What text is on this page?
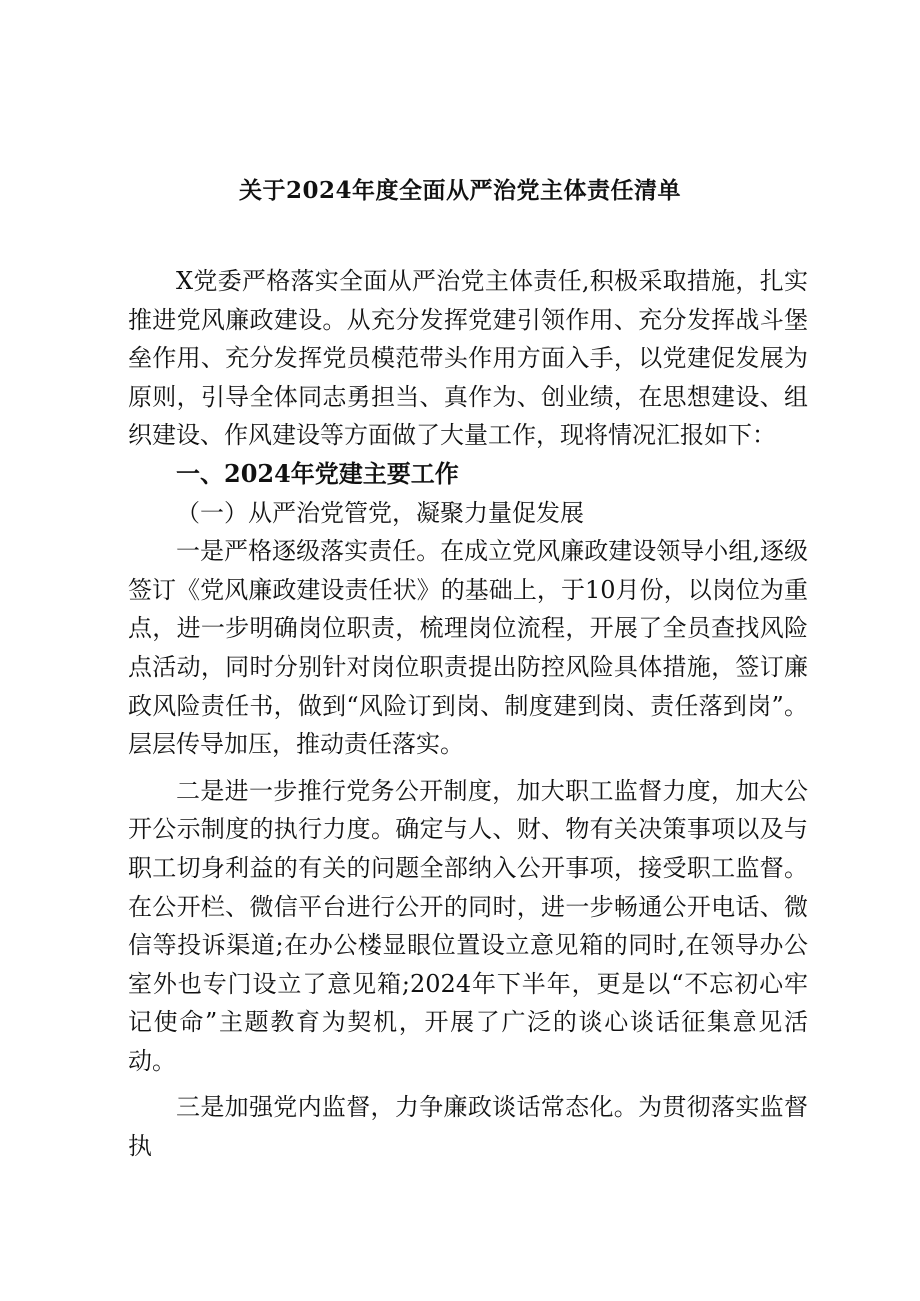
关于2024年度全面从严治党主体责任清单

X党委严格落实全面从严治党主体责任,积极采取措施，扎实推进党风廉政建设。从充分发挥党建引领作用、充分发挥战斗堡垒作用、充分发挥党员模范带头作用方面入手，以党建促发展为原则，引导全体同志勇担当、真作为、创业绩，在思想建设、组织建设、作风建设等方面做了大量工作，现将情况汇报如下：

一、2024年党建主要工作

（一）从严治党管党，凝聚力量促发展

一是严格逐级落实责任。在成立党风廉政建设领导小组,逐级签订《党风廉政建设责任状》的基础上，于10月份，以岗位为重点，进一步明确岗位职责，梳理岗位流程，开展了全员查找风险点活动，同时分别针对岗位职责提出防控风险具体措施，签订廉政风险责任书，做到“风险订到岗、制度建到岗、责任落到岗”。层层传导加压，推动责任落实。

二是进一步推行党务公开制度，加大职工监督力度，加大公开公示制度的执行力度。确定与人、财、物有关决策事项以及与职工切身利益的有关的问题全部纳入公开事项，接受职工监督。在公开栏、微信平台进行公开的同时，进一步畅通公开电话、微信等投诉渠道;在办公楼显眼位置设立意见箱的同时,在领导办公室外也专门设立了意见箱;2024年下半年，更是以“不忘初心牢记使命”主题教育为契机，开展了广泛的谈心谈话征集意见活动。

三是加强党内监督，力争廉政谈话常态化。为贯彻落实监督执
